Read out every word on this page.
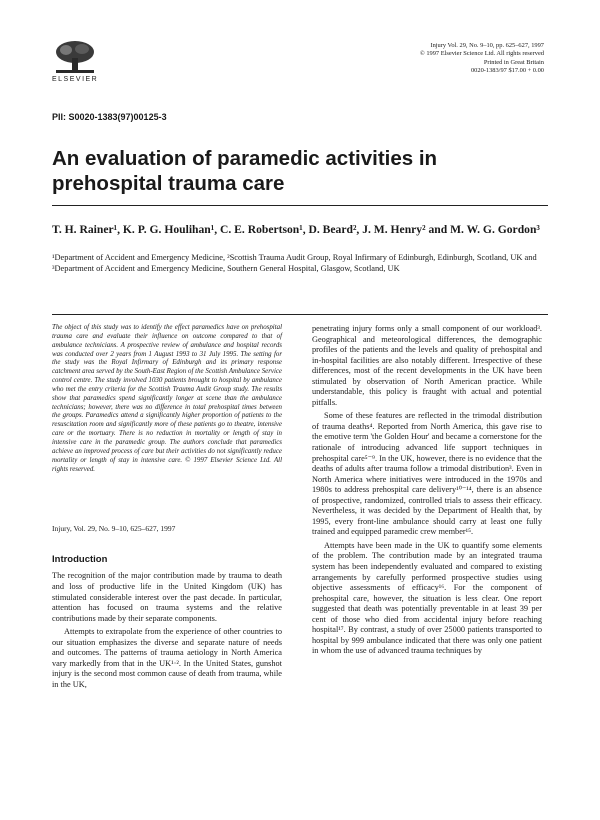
ELSEVIER
Injury Vol. 29, No. 9–10, pp. 625–627, 1997
© 1997 Elsevier Science Ltd. All rights reserved
Printed in Great Britain
0020-1383/97 $17.00 + 0.00
PII: S0020-1383(97)00125-3
An evaluation of paramedic activities in prehospital trauma care
T. H. Rainer¹, K. P. G. Houlihan¹, C. E. Robertson¹, D. Beard², J. M. Henry² and M. W. G. Gordon³
¹Department of Accident and Emergency Medicine, ²Scottish Trauma Audit Group, Royal Infirmary of Edinburgh, Edinburgh, Scotland, UK and ³Department of Accident and Emergency Medicine, Southern General Hospital, Glasgow, Scotland, UK
The object of this study was to identify the effect paramedics have on prehospital trauma care and evaluate their influence on outcome compared to that of ambulance technicians. A prospective review of ambulance and hospital records was conducted over 2 years from 1 August 1993 to 31 July 1995. The setting for the study was the Royal Infirmary of Edinburgh and its primary response catchment area served by the South-East Region of the Scottish Ambulance Service control centre. The study involved 1030 patients brought to hospital by ambulance who met the entry criteria for the Scottish Trauma Audit Group study. The results show that paramedics spend significantly longer at scene than the ambulance technicians; however, there was no difference in total prehospital times between the groups. Paramedics attend a significantly higher proportion of patients to the resuscitation room and significantly more of these patients go to theatre, intensive care or the mortuary. There is no reduction in mortality or length of stay in intensive care in the paramedic group. The authors conclude that paramedics achieve an improved process of care but their activities do not significantly reduce mortality or length of stay in intensive care. © 1997 Elsevier Science Ltd. All rights reserved.
Injury, Vol. 29, No. 9–10, 625–627, 1997
Introduction

The recognition of the major contribution made by trauma to death and loss of productive life in the United Kingdom (UK) has stimulated considerable interest over the past decade. In particular, attention has focused on trauma systems and the relative contributions made by their separate components.

Attempts to extrapolate from the experience of other countries to our situation emphasizes the diverse and separate nature of needs and outcomes. The patterns of trauma aetiology in North America vary markedly from that in the UK¹·². In the United States, gunshot injury is the second most common cause of death from trauma, while in the UK,

penetrating injury forms only a small component of our workload³. Geographical and meteorological differences, the demographic profiles of the patients and the levels and quality of prehospital and in-hospital facilities are also notably different. Irrespective of these differences, most of the recent developments in the UK have been stimulated by observation of North American practice. While understandable, this policy is fraught with actual and potential pitfalls.

Some of these features are reflected in the trimodal distribution of trauma deaths⁴. Reported from North America, this gave rise to the emotive term 'the Golden Hour' and became a cornerstone for the rationale of introducing advanced life support techniques in prehospital care⁵⁻⁹. In the UK, however, there is no evidence that the deaths of adults after trauma follow a trimodal distribution³. Even in North America where initiatives were introduced in the 1970s and 1980s to address prehospital care delivery¹⁰⁻¹⁴, there is an absence of prospective, randomized, controlled trials to assess their efficacy. Nevertheless, it was decided by the Department of Health that, by 1995, every front-line ambulance should carry at least one fully trained and equipped paramedic crew member¹⁵.

Attempts have been made in the UK to quantify some elements of the problem. The contribution made by an integrated trauma system has been independently evaluated and compared to existing arrangements by carefully performed prospective studies using objective assessments of efficacy¹⁶. For the component of prehospital care, however, the situation is less clear. One report suggested that death was potentially preventable in at least 39 per cent of those who died from accidental injury before reaching hospital¹⁷. By contrast, a study of over 25000 patients transported to hospital by 999 ambulance indicated that there was only one patient in whom the use of advanced trauma techniques by
